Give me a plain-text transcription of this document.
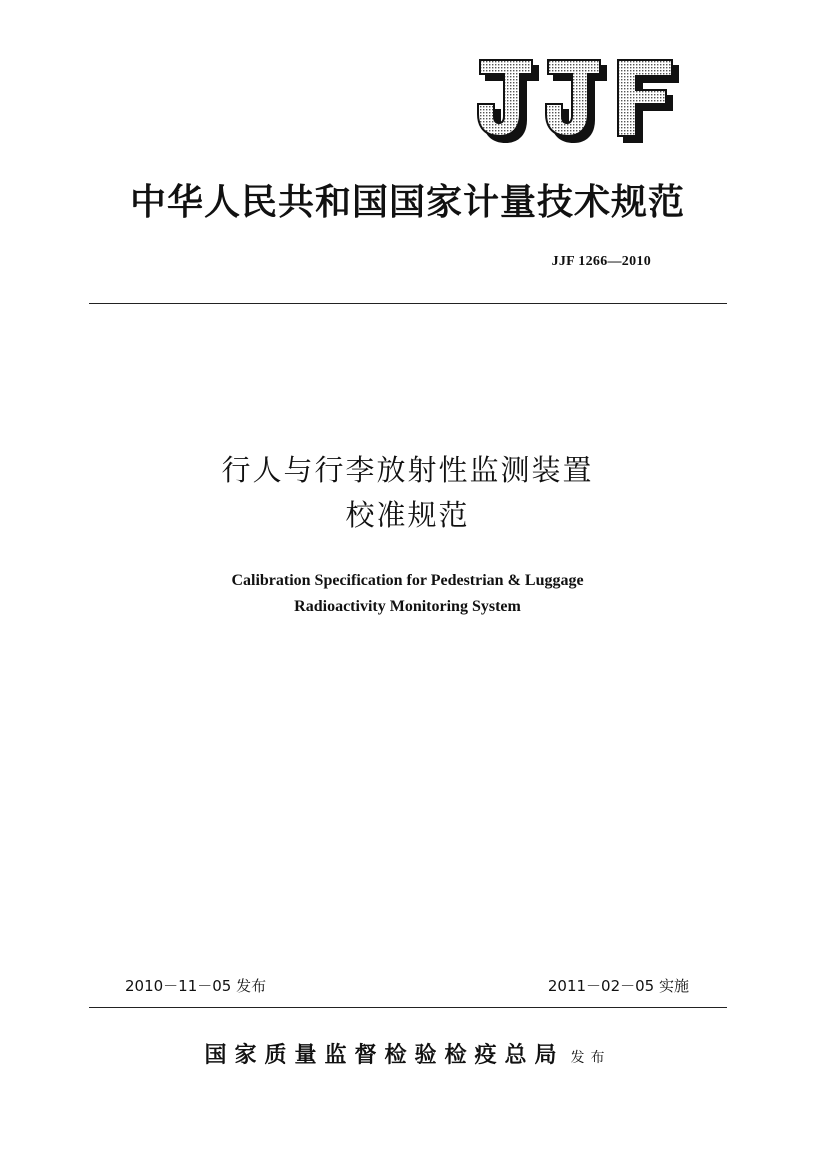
中华人民共和国国家计量技术规范
JJF 1266—2010
行人与行李放射性监测装置
校准规范
Calibration Specification for Pedestrian & Luggage
Radioactivity Monitoring System
2010－11－05 发布	2011－02－05 实施
国家质量监督检验检疫总局 发布
